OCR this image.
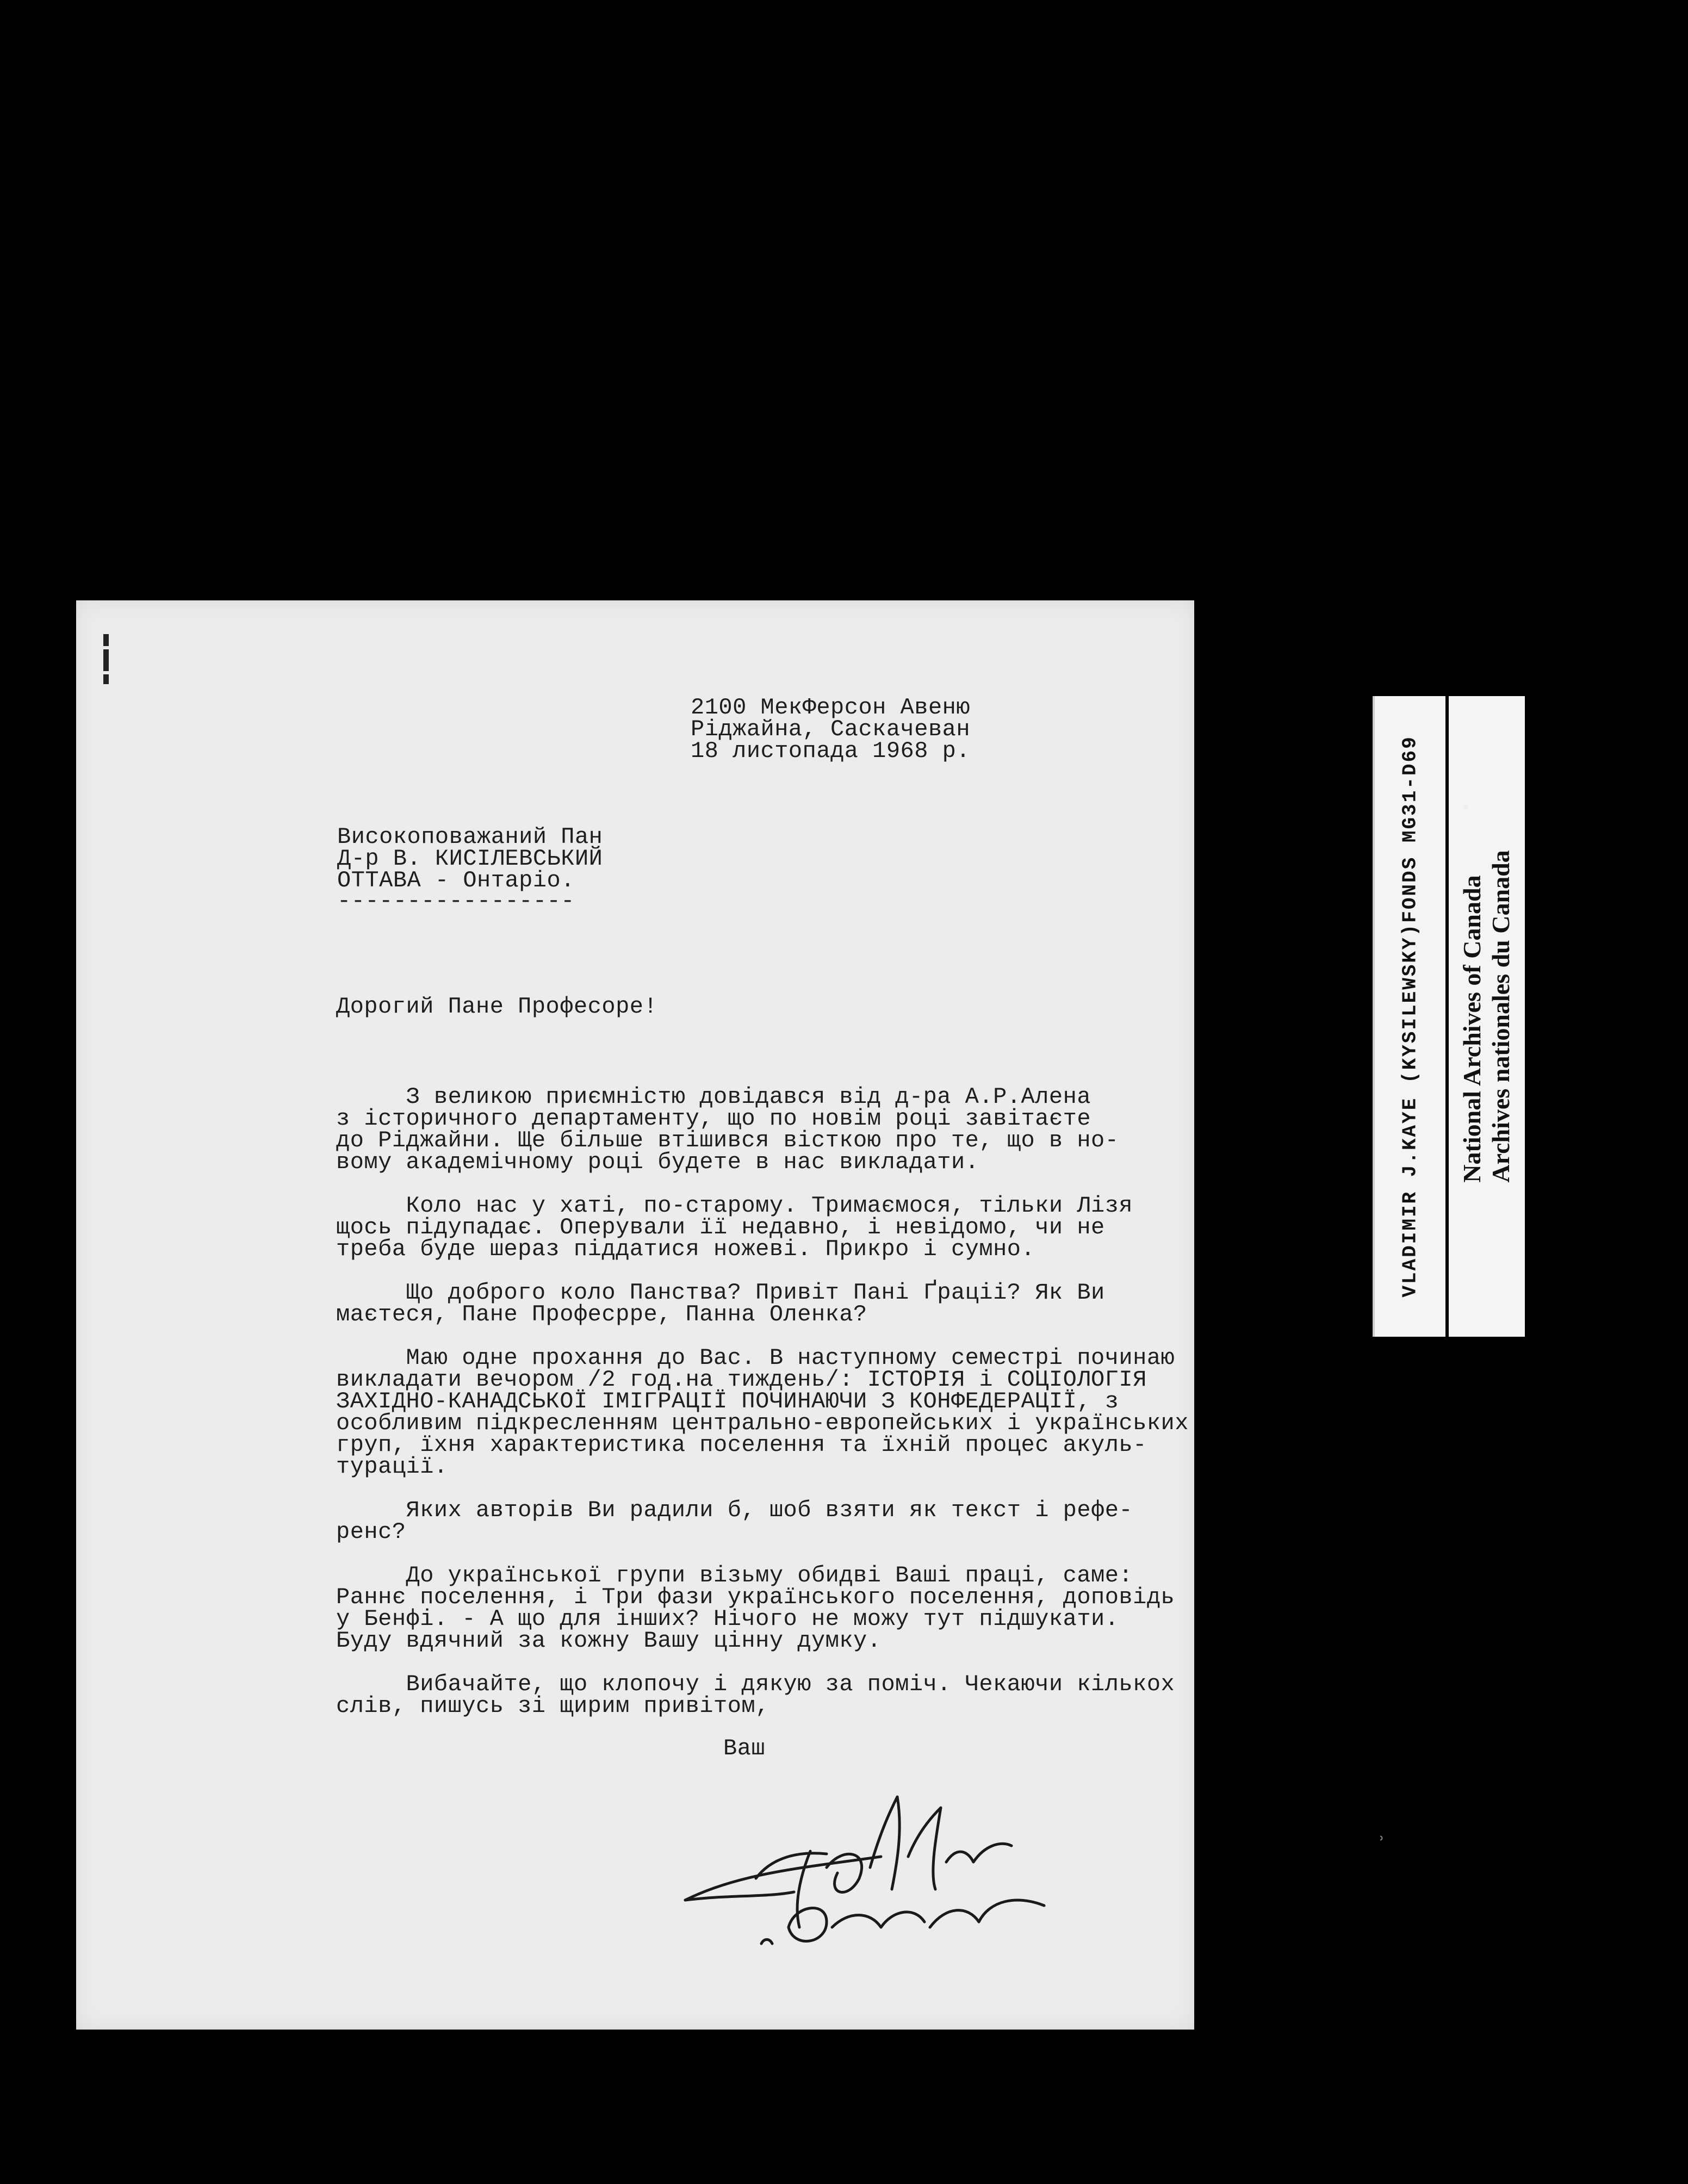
2100 МекФерсон Авеню
Ріджайна, Саскачеван
18 листопада 1968 р.
Високоповажаний Пан
Д-р В. КИСІЛЕВСЬКИЙ
ОТТАВА - Онтаріо.
-----------------
Дорогий Пане Професоре!
З великою приємністю довідався від д-ра А.Р.Алена
з історичного департаменту, що по новім році завітаєте
до Ріджайни. Ще більше втішився вісткою про те, що в но-
вому академічному році будете в нас викладати.
Коло нас у хаті, по-старому. Тримаємося, тільки Лізя
щось підупадає. Оперували її недавно, і невідомо, чи не
треба буде шераз піддатися ножеві. Прикро і сумно.
Що доброго коло Панства? Привіт Пані Ґраціі? Як Ви
маєтеся, Пане Професрре, Панна Оленка?
Маю одне прохання до Вас. В наступному семестрі починаю
викладати вечором /2 год.на тиждень/: ІСТОРІЯ і СОЦІОЛОГІЯ
ЗАХІДНО-КАНАДСЬКОЇ ІМІГРАЦІЇ ПОЧИНАЮЧИ З КОНФЕДЕРАЦІЇ, з
особливим підкресленням центрально-европейських і українських
груп, їхня характеристика поселення та їхній процес акуль-
турації.
Яких авторів Ви радили б, шоб взяти як текст і рефе-
ренс?
До української групи візьму обидві Ваші праці, саме:
Раннє поселення, і Три фази українського поселення, доповідь
у Бенфі. - А що для інших? Нічого не можу тут підшукати.
Буду вдячний за кожну Вашу цінну думку.
Вибачайте, що клопочу і дякую за поміч. Чекаючи кількох
слів, пишусь зі щирим привітом,
Ваш
VLADIMIR J.KAYE (KYSILEWSKY)FONDS MG31-D69 National Archives of Canada Archives nationales du Canada
ʾ
